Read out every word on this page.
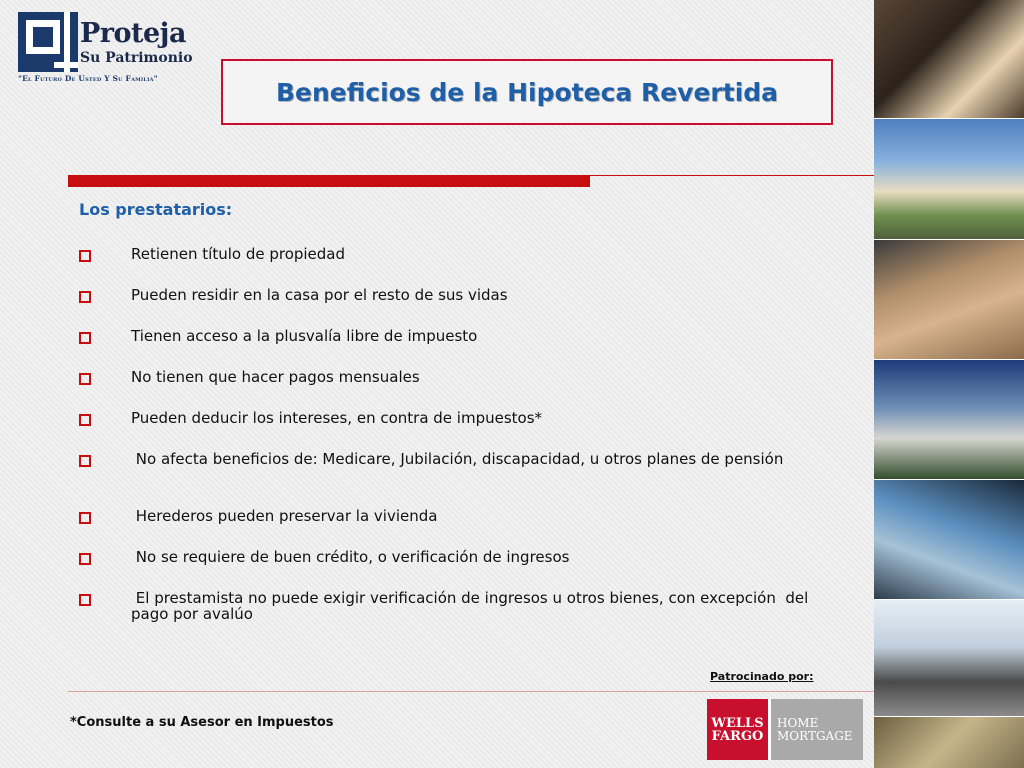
Proteja
Su Patrimonio
"El Futuro De Usted Y Su Familia"	Beneficios de la Hipoteca Revertida
Los prestatarios:
Retienen título de propiedad
Pueden residir en la casa por el resto de sus vidas
Tienen acceso a la plusvalía libre de impuesto
No tienen que hacer pagos mensuales
Pueden deducir los intereses, en contra de impuestos*
No afecta beneficios de: Medicare, Jubilación, discapacidad, u otros planes de pensión
Herederos pueden preservar la vivienda
No se requiere de buen crédito, o verificación de ingresos
El prestamista no puede exigir verificación de ingresos u otros bienes, con excepción  del pago por avalúo
Patrocinado por:
*Consulte a su Asesor en Impuestos	WELLS
FARGO
HOME
MORTGAGE
